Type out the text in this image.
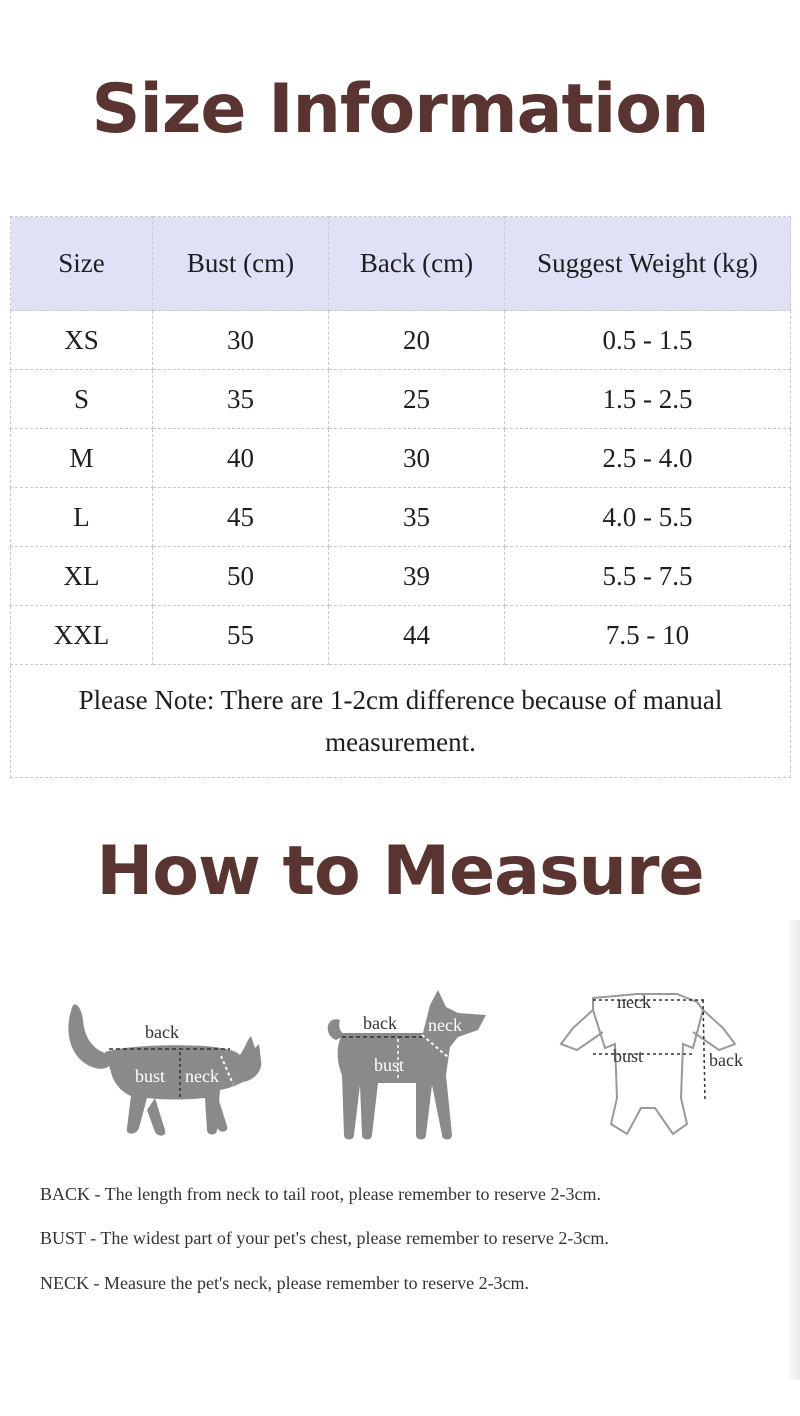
Size Information
Size	Bust (cm)	Back (cm)	Suggest Weight (kg)
XS	30	20	0.5 - 1.5
S	35	25	1.5 - 2.5
M	40	30	2.5 - 4.0
L	45	35	4.0 - 5.5
XL	50	39	5.5 - 7.5
XXL	55	44	7.5 - 10
Please Note: There are 1-2cm difference because of manual measurement.			
How to Measure
back
bust neck
back neck
bust
neck
bust	back

BACK - The length from neck to tail root, please remember to reserve 2-3cm.

BUST - The widest part of your pet's chest, please remember to reserve 2-3cm.

NECK - Measure the pet's neck, please remember to reserve 2-3cm.
